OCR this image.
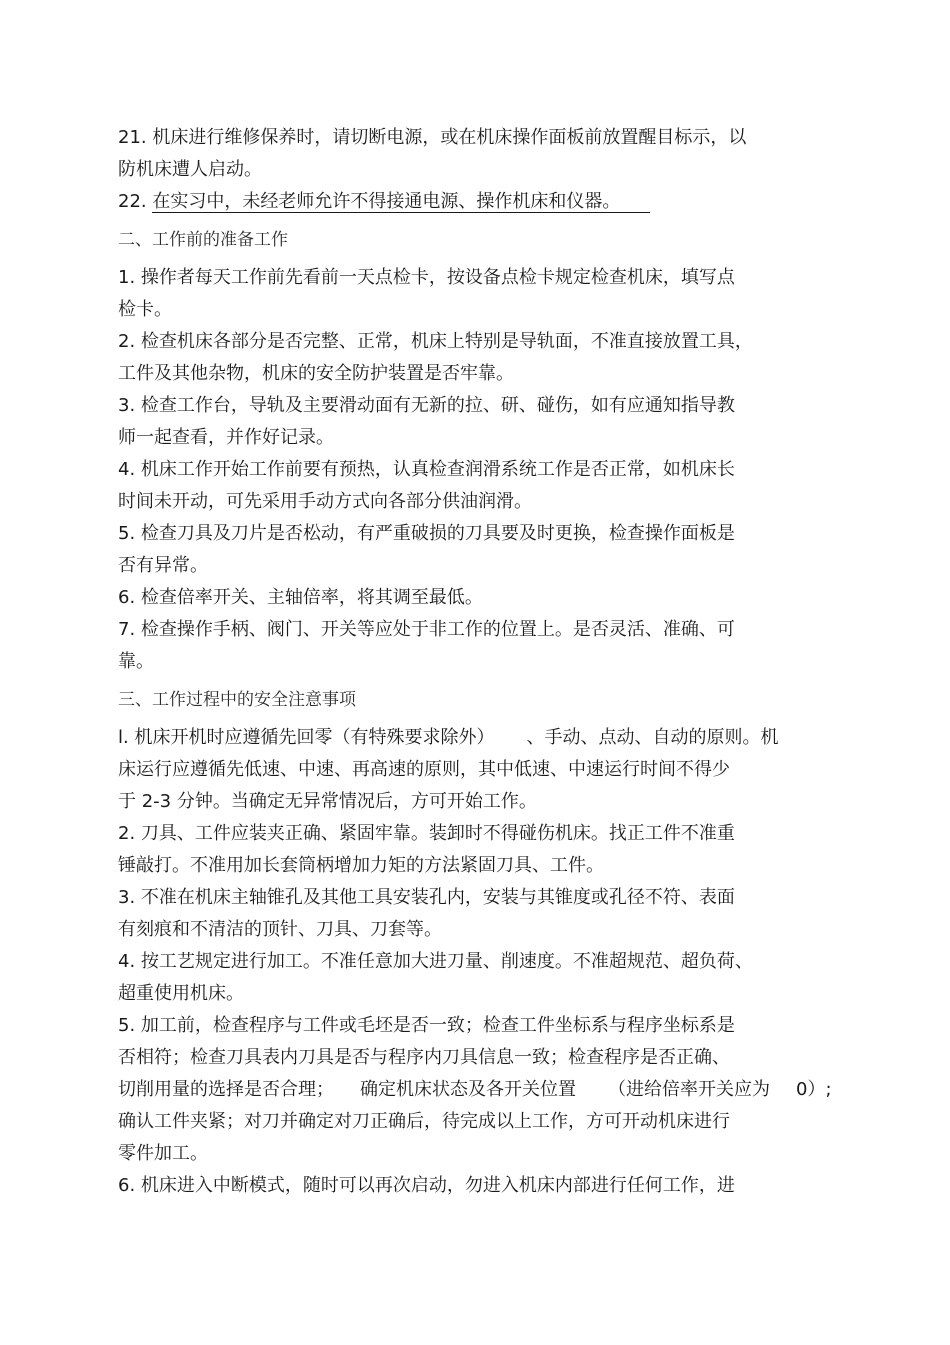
21. 机床进行维修保养时，请切断电源，或在机床操作面板前放置醒目标示，以
防机床遭人启动。
22. 在实习中，未经老师允许不得接通电源、操作机床和仪器。
二、工作前的准备工作
1. 操作者每天工作前先看前一天点检卡，按设备点检卡规定检查机床，填写点
检卡。
2. 检查机床各部分是否完整、正常，机床上特别是导轨面，不准直接放置工具，
工件及其他杂物，机床的安全防护装置是否牢靠。
3. 检查工作台，导轨及主要滑动面有无新的拉、研、碰伤，如有应通知指导教
师一起查看，并作好记录。
4. 机床工作开始工作前要有预热，认真检查润滑系统工作是否正常，如机床长
时间未开动，可先采用手动方式向各部分供油润滑。
5. 检查刀具及刀片是否松动，有严重破损的刀具要及时更换，检查操作面板是
否有异常。
6. 检查倍率开关、主轴倍率，将其调至最低。
7. 检查操作手柄、阀门、开关等应处于非工作的位置上。是否灵活、准确、可
靠。
三、工作过程中的安全注意事项
l. 机床开机时应遵循先回零（有特殊要求除外） 、手动、点动、自动的原则。机
床运行应遵循先低速、中速、再高速的原则，其中低速、中速运行时间不得少
于 2-3 分钟。当确定无异常情况后，方可开始工作。
2. 刀具、工件应装夹正确、紧固牢靠。装卸时不得碰伤机床。找正工件不准重
锤敲打。不准用加长套筒柄增加力矩的方法紧固刀具、工件。
3. 不准在机床主轴锥孔及其他工具安装孔内，安装与其锥度或孔径不符、表面
有刻痕和不清洁的顶针、刀具、刀套等。
4. 按工艺规定进行加工。不准任意加大进刀量、削速度。不准超规范、超负荷、
超重使用机床。
5. 加工前，检查程序与工件或毛坯是否一致；检查工件坐标系与程序坐标系是
否相符；检查刀具表内刀具是否与程序内刀具信息一致；检查程序是否正确、
切削用量的选择是否合理； 确定机床状态及各开关位置 （进给倍率开关应为 0）;
确认工件夹紧；对刀并确定对刀正确后，待完成以上工作，方可开动机床进行
零件加工。
6. 机床进入中断模式，随时可以再次启动，勿进入机床内部进行任何工作，进
